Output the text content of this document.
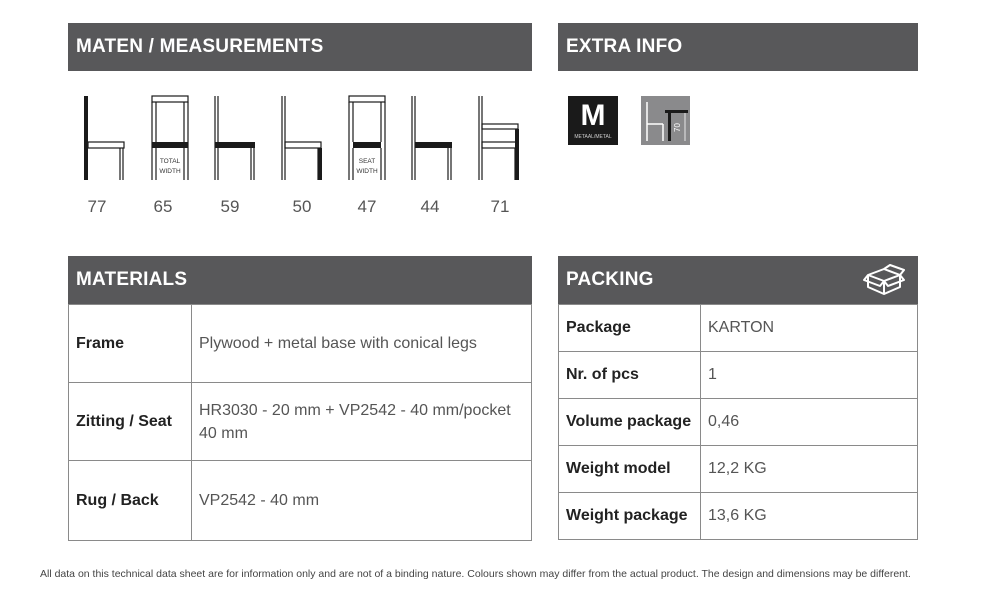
MATEN / MEASUREMENTS	EXTRA INFO
MATERIALS	PACKING
77
TOTAL
WIDTH
65	59	50
SEAT
WIDTH
47	44	71
M
METAAL/METAL
70
Frame	Plywood + metal base with conical legs
Zitting / Seat	HR3030 - 20 mm + VP2542 - 40 mm/pocket 40 mm
Rug / Back	VP2542 - 40 mm
Package	KARTON
Nr. of pcs	1
Volume package	0,46
Weight model	12,2 KG
Weight package	13,6 KG
All data on this technical data sheet are for information only and are not of a binding nature. Colours shown may differ from the actual product. The design and dimensions may be different.
